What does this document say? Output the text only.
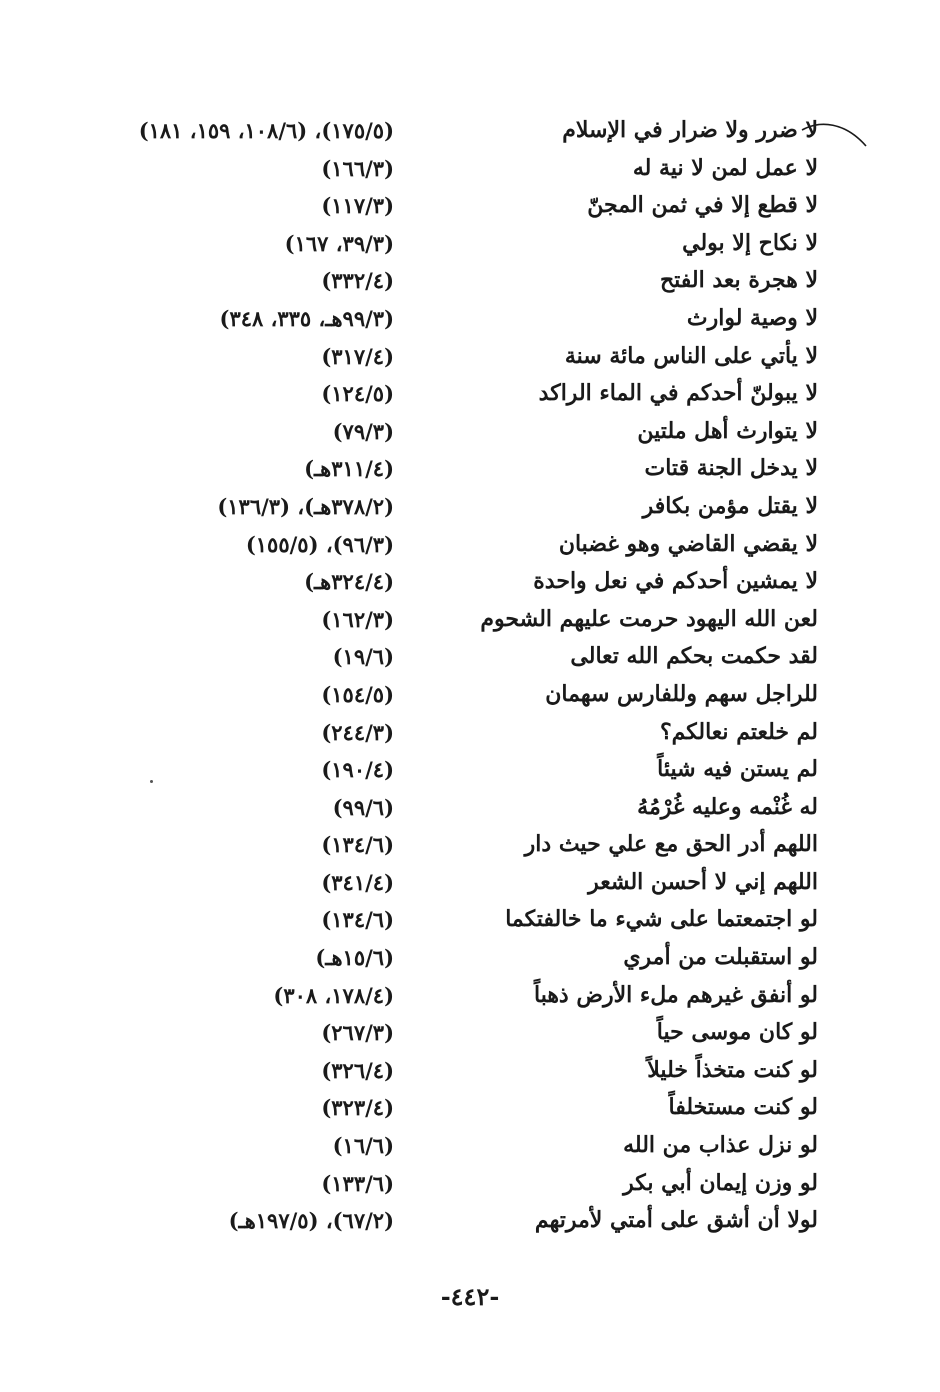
لا ضرر ولا ضرار في الإسلام
(١٧٥/٥)، (١٠٨/٦، ١٥٩، ١٨١)
لا عمل لمن لا نية له
(١٦٦/٣)
لا قطع إلا في ثمن المجنّ
(١١٧/٣)
لا نكاح إلا بولي
(٣٩/٣، ١٦٧)
لا هجرة بعد الفتح
(٣٣٢/٤)
لا وصية لوارث
(٩٩/٣هـ، ٣٣٥، ٣٤٨)
لا يأتي على الناس مائة سنة
(٣١٧/٤)
لا يبولنّ أحدكم في الماء الراكد
(١٢٤/٥)
لا يتوارث أهل ملتين
(٧٩/٣)
لا يدخل الجنة قتات
(٣١١/٤هـ)
لا يقتل مؤمن بكافر
(٣٧٨/٢هـ)، (١٣٦/٣)
لا يقضي القاضي وهو غضبان
(٩٦/٣)، (١٥٥/٥)
لا يمشين أحدكم في نعل واحدة
(٣٢٤/٤هـ)
لعن الله اليهود حرمت عليهم الشحوم
(١٦٢/٣)
لقد حكمت بحكم الله تعالى
(١٩/٦)
للراجل سهم وللفارس سهمان
(١٥٤/٥)
لم خلعتم نعالكم؟
(٢٤٤/٣)
لم يستن فيه شيئاً
(١٩٠/٤)
له غُنْمه وعليه غُرْمُهُ
(٩٩/٦)
اللهم أدر الحق مع علي حيث دار
(١٣٤/٦)
اللهم إني لا أحسن الشعر
(٣٤١/٤)
لو اجتمعتما على شيء ما خالفتكما
(١٣٤/٦)
لو استقبلت من أمري
(١٥/٦هـ)
لو أنفق غيرهم ملء الأرض ذهباً
(١٧٨/٤، ٣٠٨)
لو كان موسى حياً
(٢٦٧/٣)
لو كنت متخذاً خليلاً
(٣٢٦/٤)
لو كنت مستخلفاً
(٣٢٣/٤)
لو نزل عذاب من الله
(١٦/٦)
لو وزن إيمان أبي بكر
(١٣٣/٦)
لولا أن أشق على أمتي لأمرتهم
(٦٧/٢)، (١٩٧/٥هـ)
-٤٤٢-
